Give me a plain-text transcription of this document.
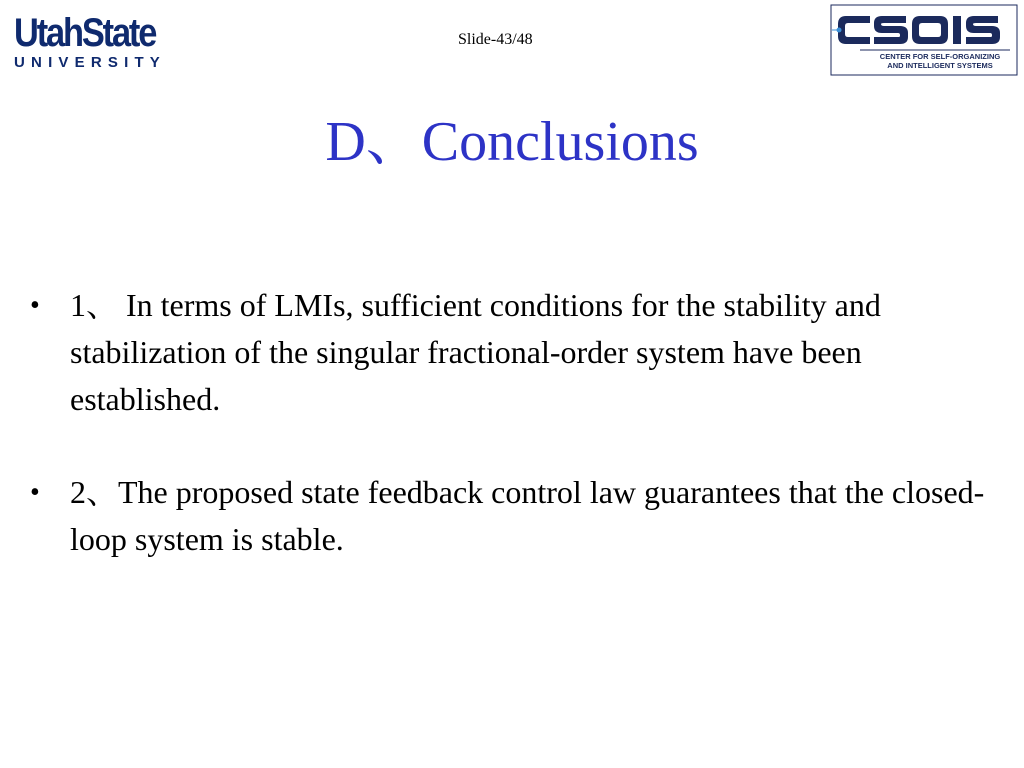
UtahState
UNIVERSITY
Slide-43/48
CENTER FOR SELF-ORGANIZING
AND INTELLIGENT SYSTEMS
D、Conclusions
• 1、 In terms of LMIs, sufficient conditions for the stability and stabilization of the singular fractional-order system have been established.
• 2、The proposed state feedback control law guarantees that the closed-loop system is stable.
